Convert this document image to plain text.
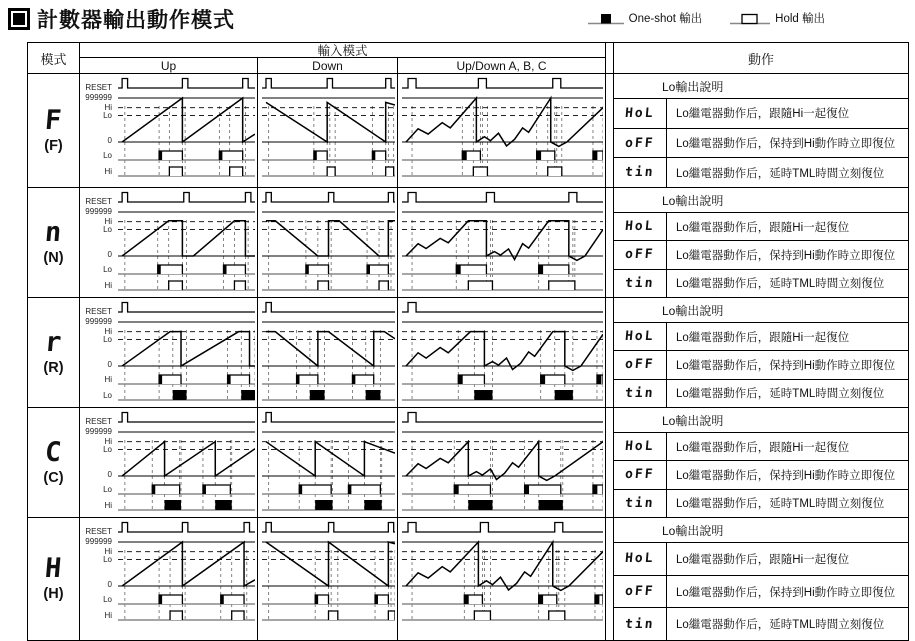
計數器輸出動作模式	One-shot 輸出	Hold 輸出
模式
輸入模式
Up	Down	Up/Down A, B, C	動作
F
(F)
RESET
999999
Hi
Lo
0
Lo
Hi
Lo輸出說明
HoL Lo繼電器動作后，跟隨Hi一起復位
oFF Lo繼電器動作后，保持到Hi動作時立即復位
tin Lo繼電器動作后，延時TML時間立刻復位
n
(N)
RESET
999999
Hi
Lo
0
Lo
Hi
Lo輸出說明
HoL Lo繼電器動作后，跟隨Hi一起復位
oFF Lo繼電器動作后，保持到Hi動作時立即復位
tin Lo繼電器動作后，延時TML時間立刻復位
r
(R)
RESET
999999
Hi
Lo
0
Hi
Lo
Lo輸出說明
HoL Lo繼電器動作后，跟隨Hi一起復位
oFF Lo繼電器動作后，保持到Hi動作時立即復位
tin Lo繼電器動作后，延時TML時間立刻復位
C
(C)
RESET
999999
Hi
Lo
0
Lo
Hi
Lo輸出說明
HoL Lo繼電器動作后，跟隨Hi一起復位
oFF Lo繼電器動作后，保持到Hi動作時立即復位
tin Lo繼電器動作后，延時TML時間立刻復位
H
(H)
RESET
999999
Hi
Lo
0
Lo
Hi
Lo輸出說明
HoL Lo繼電器動作后，跟隨Hi一起復位
oFF Lo繼電器動作后，保持到Hi動作時立即復位
tin Lo繼電器動作后，延時TML時間立刻復位
